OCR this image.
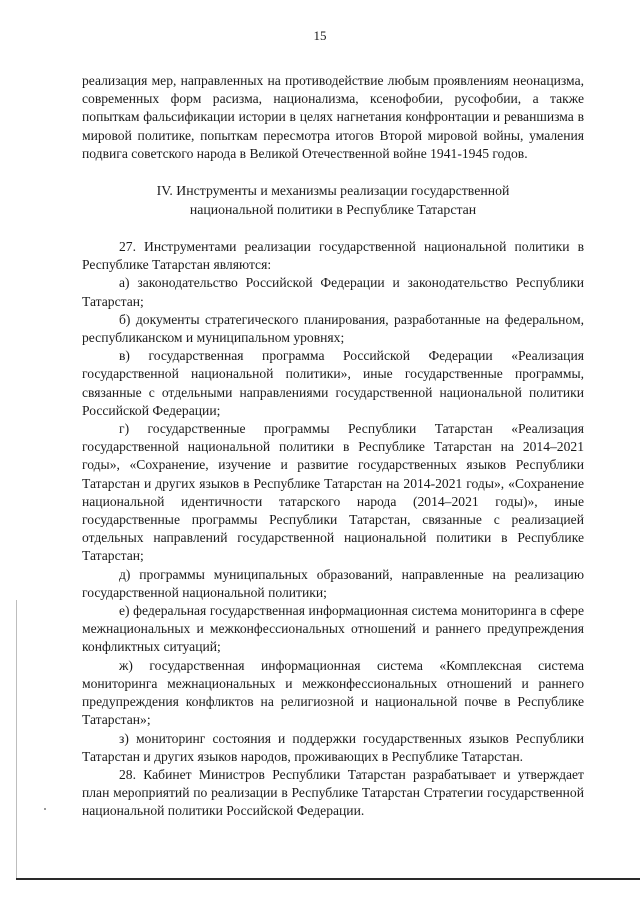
15

реализация мер, направленных на противодействие любым проявлениям неонацизма, современных форм расизма, национализма, ксенофобии, русофобии, а также попыткам фальсификации истории в целях нагнетания конфронтации и реваншизма в мировой политике, попыткам пересмотра итогов Второй мировой войны, умаления подвига советского народа в Великой Отечественной войне 1941-1945 годов.

IV. Инструменты и механизмы реализации государственной
национальной политики в Республике Татарстан

27. Инструментами реализации государственной национальной политики в Республике Татарстан являются:

а) законодательство Российской Федерации и законодательство Республики Татарстан;

б) документы стратегического планирования, разработанные на федеральном, республиканском и муниципальном уровнях;

в) государственная программа Российской Федерации «Реализация государственной национальной политики», иные государственные программы, связанные с отдельными направлениями государственной национальной политики Российской Федерации;

г) государственные программы Республики Татарстан «Реализация государственной национальной политики в Республике Татарстан на 2014–2021 годы», «Сохранение, изучение и развитие государственных языков Республики Татарстан и других языков в Республике Татарстан на 2014-2021 годы», «Сохранение национальной идентичности татарского народа (2014–2021 годы)», иные государственные программы Республики Татарстан, связанные с реализацией отдельных направлений государственной национальной политики в Республике Татарстан;

д) программы муниципальных образований, направленные на реализацию государственной национальной политики;

е) федеральная государственная информационная система мониторинга в сфере межнациональных и межконфессиональных отношений и раннего предупреждения конфликтных ситуаций;

ж) государственная информационная система «Комплексная система мониторинга межнациональных и межконфессиональных отношений и раннего предупреждения конфликтов на религиозной и национальной почве в Республике Татарстан»;

з) мониторинг состояния и поддержки государственных языков Республики Татарстан и других языков народов, проживающих в Республике Татарстан.

28. Кабинет Министров Республики Татарстан разрабатывает и утверждает план мероприятий по реализации в Республике Татарстан Стратегии государственной национальной политики Российской Федерации.
